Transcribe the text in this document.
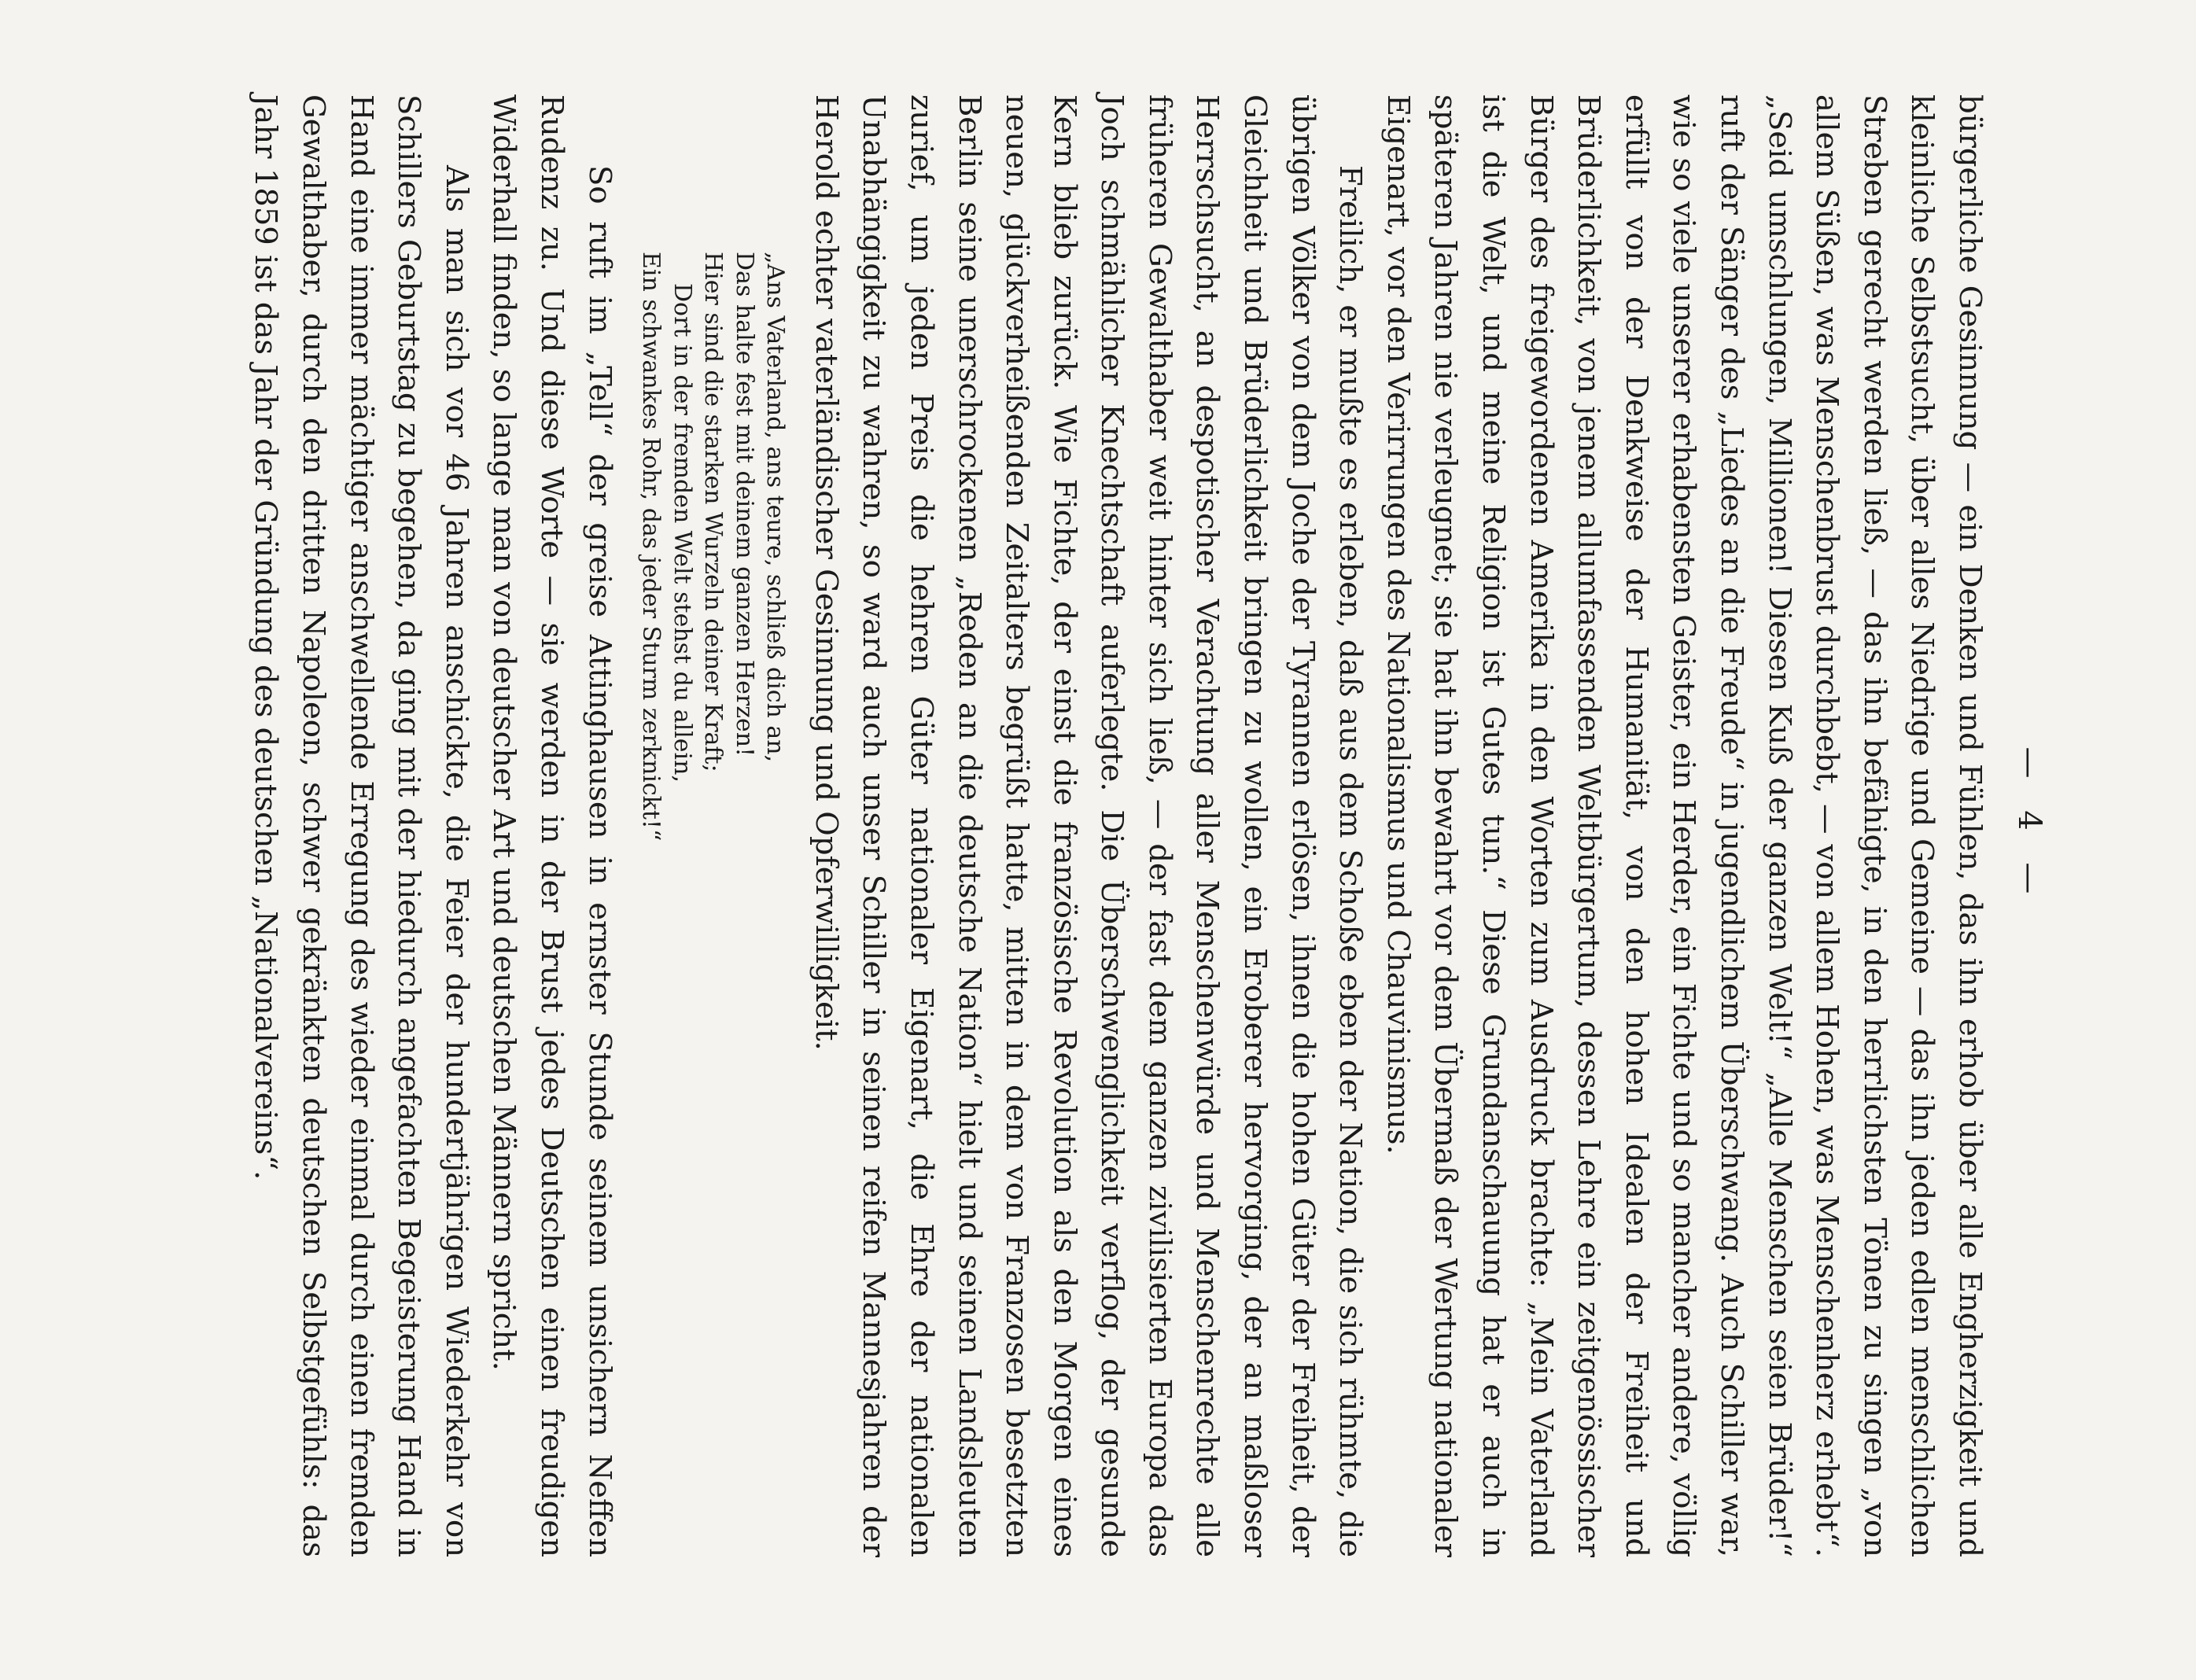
— 4 —

bürgerliche Gesinnung — ein Denken und Fühlen, das ihn erhob über alle Engherzigkeit und kleinliche Selbstsucht, über alles Niedrige und Gemeine — das ihn jeden edlen menschlichen Streben gerecht werden ließ, — das ihn befähigte, in den herrlichsten Tönen zu singen „von allem Süßen, was Menschenbrust durchbebt, — von allem Hohen, was Menschenherz erhebt“. „Seid umschlungen, Millionen! Diesen Kuß der ganzen Welt!“ „Alle Menschen seien Brüder!“ ruft der Sänger des „Liedes an die Freude“ in jugendlichem Überschwang. Auch Schiller war, wie so viele unserer erhabensten Geister, ein Herder, ein Fichte und so mancher andere, völlig erfüllt von der Denkweise der Humanität, von den hohen Idealen der Freiheit und Brüderlichkeit, von jenem allumfassenden Weltbürgertum, dessen Lehre ein zeitgenössischer Bürger des freigewordenen Amerika in den Worten zum Ausdruck brachte: „Mein Vaterland ist die Welt, und meine Religion ist Gutes tun.“ Diese Grundanschauung hat er auch in späteren Jahren nie verleugnet; sie hat ihn bewahrt vor dem Übermaß der Wertung nationaler Eigenart, vor den Verirrungen des Nationalismus und Chauvinismus.

Freilich, er mußte es erleben, daß aus dem Schoße eben der Nation, die sich rühmte, die übrigen Völker von dem Joche der Tyrannen erlösen, ihnen die hohen Güter der Freiheit, der Gleichheit und Brüderlichkeit bringen zu wollen, ein Eroberer hervorging, der an maßloser Herrschsucht, an despotischer Verachtung aller Menschenwürde und Menschenrechte alle früheren Gewalthaber weit hinter sich ließ, — der fast dem ganzen zivilisierten Europa das Joch schmählicher Knechtschaft auferlegte. Die Überschwenglichkeit verflog, der gesunde Kern blieb zurück. Wie Fichte, der einst die französische Revolution als den Morgen eines neuen, glückverheißenden Zeitalters begrüßt hatte, mitten in dem von Franzosen besetzten Berlin seine unerschrockenen „Reden an die deutsche Nation“ hielt und seinen Landsleuten zurief, um jeden Preis die hehren Güter nationaler Eigenart, die Ehre der nationalen Unabhängigkeit zu wahren, so ward auch unser Schiller in seinen reifen Mannesjahren der Herold echter vaterländischer Gesinnung und Opferwilligkeit.

„Ans Vaterland, ans teure, schließ dich an,
Das halte fest mit deinem ganzen Herzen!
Hier sind die starken Wurzeln deiner Kraft;
Dort in der fremden Welt stehst du allein,
Ein schwankes Rohr, das jeder Sturm zerknickt!“

So ruft im „Tell“ der greise Attinghausen in ernster Stunde seinem unsichern Neffen Rudenz zu. Und diese Worte — sie werden in der Brust jedes Deutschen einen freudigen Widerhall finden, so lange man von deutscher Art und deutschen Männern spricht.

Als man sich vor 46 Jahren anschickte, die Feier der hundertjährigen Wiederkehr von Schillers Geburtstag zu begehen, da ging mit der hiedurch angefachten Begeisterung Hand in Hand eine immer mächtiger anschwellende Erregung des wieder einmal durch einen fremden Gewalthaber, durch den dritten Napoleon, schwer gekränkten deutschen Selbstgefühls: das Jahr 1859 ist das Jahr der Gründung des deutschen „Nationalvereins“.
